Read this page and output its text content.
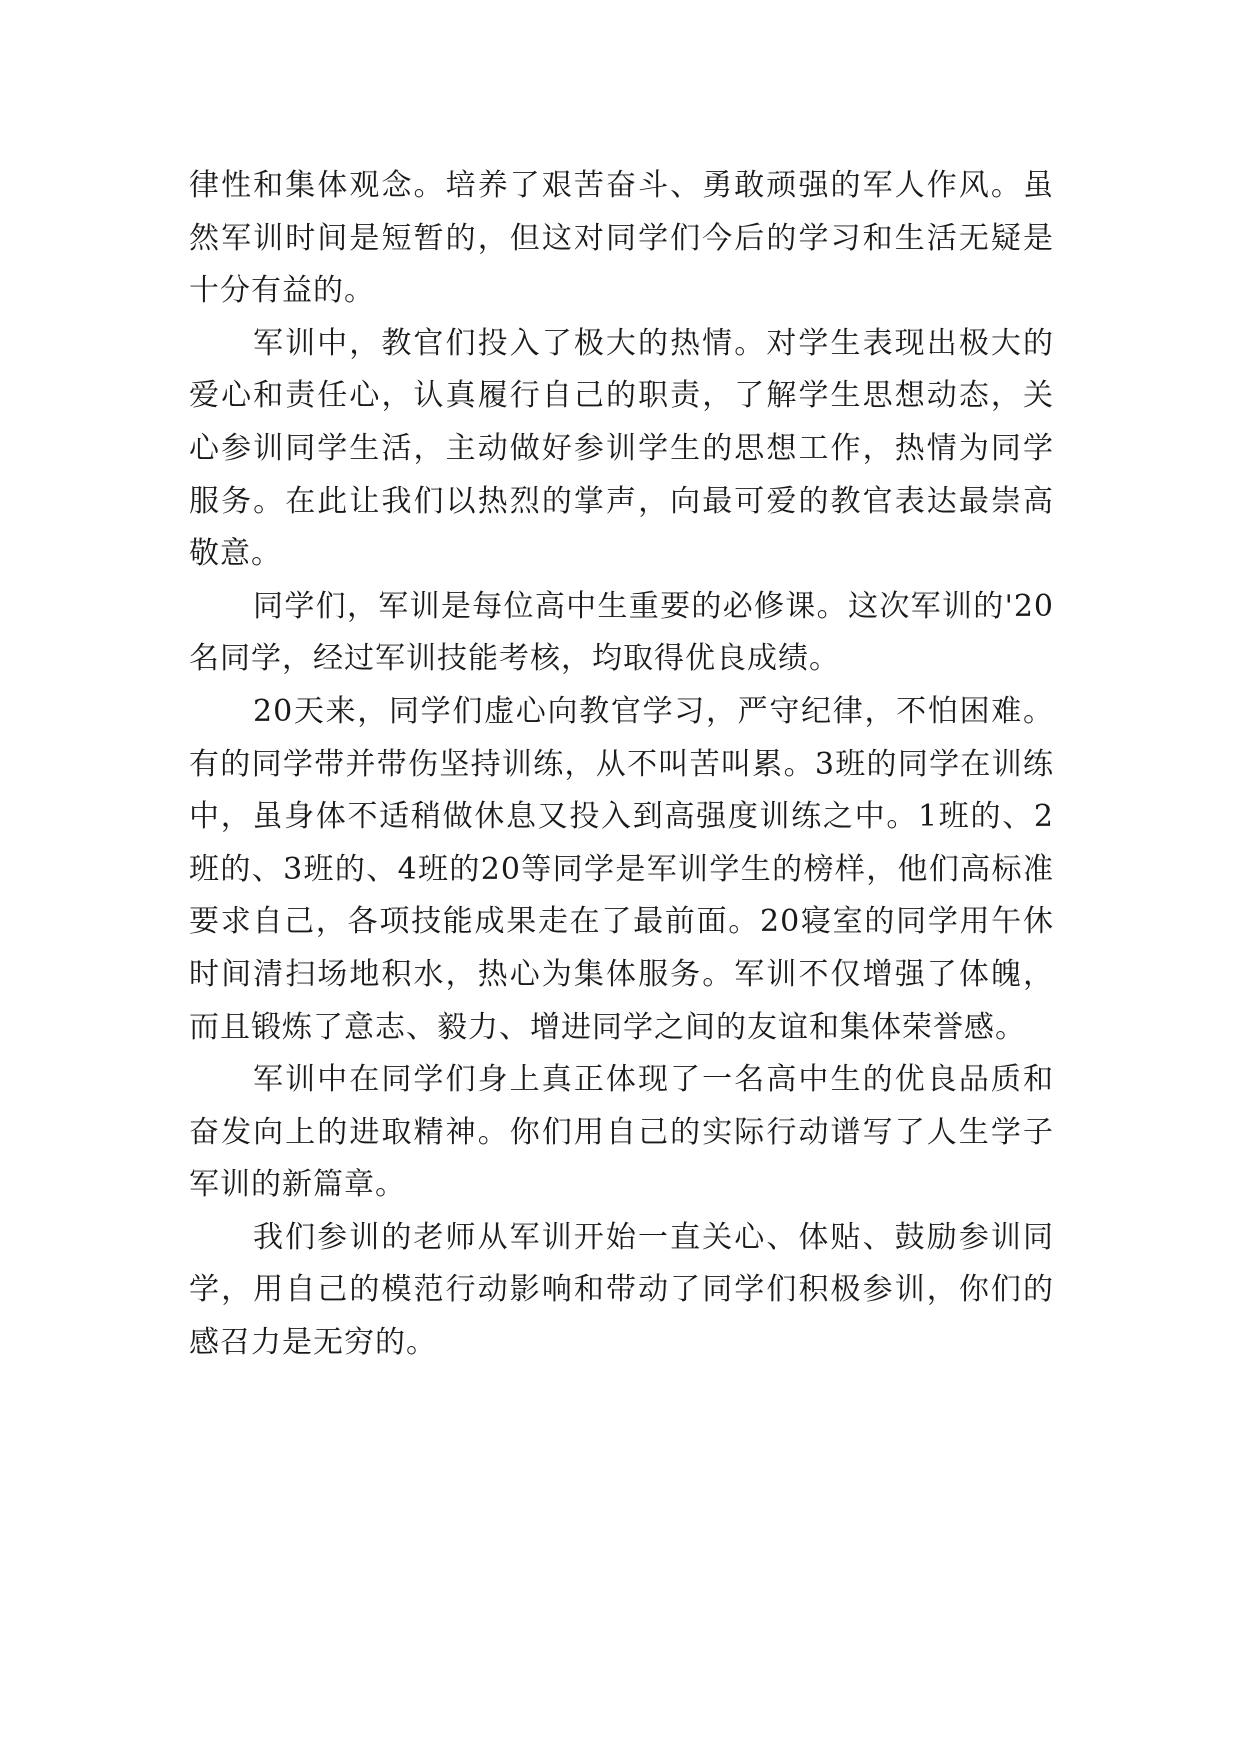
律性和集体观念。培养了艰苦奋斗、勇敢顽强的军人作风。虽然军训时间是短暂的，但这对同学们今后的学习和生活无疑是十分有益的。

军训中，教官们投入了极大的热情。对学生表现出极大的爱心和责任心，认真履行自己的职责，了解学生思想动态，关心参训同学生活，主动做好参训学生的思想工作，热情为同学服务。在此让我们以热烈的掌声，向最可爱的教官表达最崇高敬意。

同学们，军训是每位高中生重要的必修课。这次军训的'20名同学，经过军训技能考核，均取得优良成绩。

20天来，同学们虚心向教官学习，严守纪律，不怕困难。有的同学带并带伤坚持训练，从不叫苦叫累。3班的同学在训练中，虽身体不适稍做休息又投入到高强度训练之中。1班的、2班的、3班的、4班的20等同学是军训学生的榜样，他们高标准要求自己，各项技能成果走在了最前面。20寝室的同学用午休时间清扫场地积水，热心为集体服务。军训不仅增强了体魄，而且锻炼了意志、毅力、增进同学之间的友谊和集体荣誉感。

军训中在同学们身上真正体现了一名高中生的优良品质和奋发向上的进取精神。你们用自己的实际行动谱写了人生学子军训的新篇章。

我们参训的老师从军训开始一直关心、体贴、鼓励参训同学，用自己的模范行动影响和带动了同学们积极参训，你们的感召力是无穷的。
